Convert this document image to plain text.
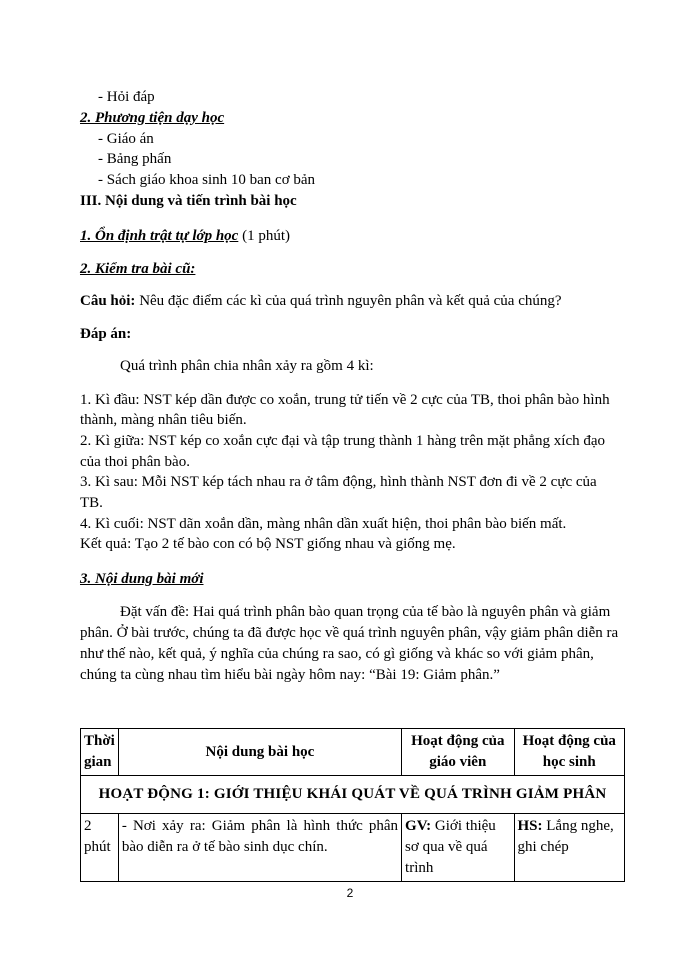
- Hỏi đáp
2. Phương tiện dạy học
- Giáo án
- Bảng phấn
- Sách giáo khoa sinh 10 ban cơ bản
III. Nội dung và tiến trình bài học
1. Ổn định trật tự lớp học (1 phút)
2. Kiểm tra bài cũ:
Câu hỏi: Nêu đặc điểm các kì của quá trình nguyên phân và kết quả của chúng?
Đáp án:
Quá trình phân chia nhân xảy ra gồm 4 kì:
1. Kì đầu: NST kép dần được co xoắn, trung tử tiến về 2 cực của TB, thoi phân bào hình
thành, màng nhân tiêu biến.
2. Kì giữa: NST kép co xoắn cực đại và tập trung thành 1 hàng trên mặt phẳng xích đạo
của thoi phân bào.
3. Kì sau: Mỗi NST kép tách nhau ra ở tâm động, hình thành NST đơn đi về 2 cực của
TB.
4. Kì cuối: NST dãn xoắn dần, màng nhân dần xuất hiện, thoi phân bào biến mất.
Kết quả: Tạo 2 tế bào con có bộ NST giống nhau và giống mẹ.
3. Nội dung bài mới
Đặt vấn đề: Hai quá trình phân bào quan trọng của tế bào là nguyên phân và giảm
phân. Ở bài trước, chúng ta đã được học về quá trình nguyên phân, vậy giảm phân diễn ra
như thế nào, kết quả, ý nghĩa của chúng ra sao, có gì giống và khác so với giảm phân,
chúng ta cùng nhau tìm hiểu bài ngày hôm nay: “Bài 19: Giảm phân.”
Thời gian	Nội dung bài học	Hoạt động của giáo viên	Hoạt động của học sinh
HOẠT ĐỘNG 1: GIỚI THIỆU KHÁI QUÁT VỀ QUÁ TRÌNH GIẢM PHÂN			
2 phút	- Nơi xảy ra: Giảm phân là hình thức phân bào diễn ra ở tế bào sinh dục chín.	GV: Giới thiệu sơ qua về quá trình	HS: Lắng nghe, ghi chép
2
